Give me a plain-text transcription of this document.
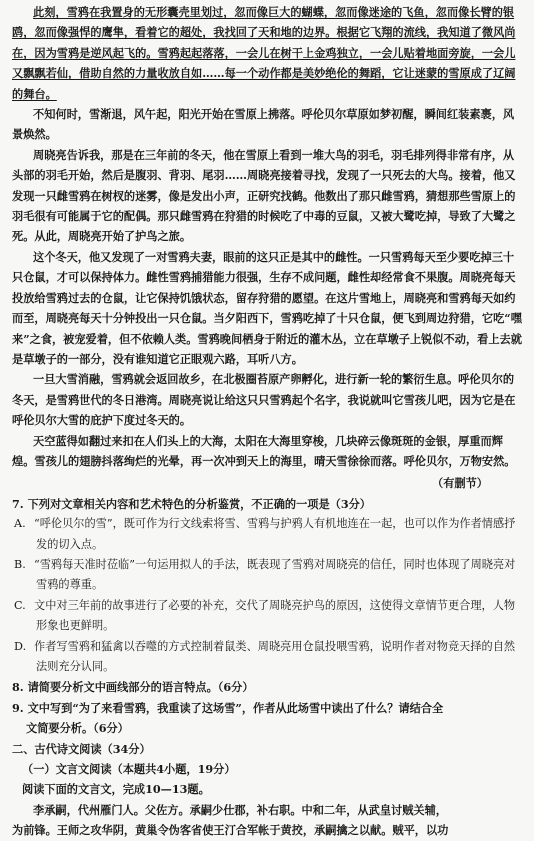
此刻，雪鸦在我置身的无形囊壳里划过，忽而像巨大的蝴蝶，忽而像迷途的飞鱼，忽而像长臂的银鸥，忽而像强悍的鹰隼，看着它的超处，我找回了天和地的边界。根据它飞翔的流线，我知道了微风尚在，因为雪鸦是逆风起飞的。雪鸦起起落落，一会儿在树干上金鸡独立，一会儿贴着地面旁旋，一会儿又飘飘若仙，借助自然的力量收放自如……每一个动作都是美妙绝伦的舞蹈，它让迷蒙的雪原成了辽阔的舞台。

不知何时，雪渐退，风午起，阳光开始在雪原上拂落。呼伦贝尔草原如梦初醒，瞬间红装素裹，风景焕然。

周晓亮告诉我，那是在三年前的冬天，他在雪原上看到一堆大鸟的羽毛，羽毛排列得非常有序，从头部的羽毛开始，然后是腹羽、背羽、尾羽……周晓亮接着寻找，发现了一只死去的大鸟。接着，他又发现一只雌雪鸦在树杈的迷雾，像是发出小声，正研究找鹤。他数出了那只雌雪鸦，猜想那些雪原上的羽毛很有可能属于它的配偶。那只雌雪鸦在狩猎的时候吃了中毒的豆鼠，又被大鹭吃掉，导致了大鹭之死。从此，周晓亮开始了护鸟之旅。

这个冬天，他又发现了一对雪鸦夫妻，眼前的这只正是其中的雌性。一只雪鸦每天至少要吃掉三十只仓鼠，才可以保持体力。雌性雪鸦捕猎能力很强，生存不成问题，雌性却经常食不果腹。周晓亮每天投放给雪鸦过去的仓鼠，让它保持饥饿状态，留存狩猎的愿望。在这片雪地上，周晓亮和雪鸦每天如约而至，周晓亮每天十分钟投出一只仓鼠。当夕阳西下，雪鸦吃掉了十只仓鼠，便飞到周边狩猎，它吃“嘿来”之食，被宠爱着，但不依赖人类。雪鸦晚间栖身于附近的灌木丛，立在草墩子上锐似不动，看上去就是草墩子的一部分，没有谁知道它正眼观六路，耳听八方。

一旦大雪消融，雪鸦就会返回故乡，在北极圈苔原产卵孵化，进行新一轮的繁衍生息。呼伦贝尔的冬天，是雪鸦世代的冬日港湾。周晓亮说让给这只只雪鸦起个名字，我说就叫它雪孩儿吧，因为它是在呼伦贝尔大雪的庇护下度过冬天的。

天空蓝得如翻过来扣在人们头上的大海，太阳在大海里穿梭，几块碎云像斑斑的金银，厚重而辉煌。雪孩儿的翅膀抖落绚烂的光晕，再一次冲到天上的海里，晴天雪徐徐而落。呼伦贝尔，万物安然。

（有删节）

7. 下列对文章相关内容和艺术特色的分析鉴赏，不正确的一项是（3分）

A. “呼伦贝尔的雪”，既可作为行文线索将雪、雪鸦与护鸦人有机地连在一起，也可以作为作者情感抒发的切入点。

B. “雪鸦每天准时莅临”一句运用拟人的手法，既表现了雪鸦对周晓亮的信任，同时也体现了周晓亮对雪鸦的尊重。

C. 文中对三年前的故事进行了必要的补充，交代了周晓亮护鸟的原因，这使得文章情节更合理，人物形象也更鲜明。

D. 作者写雪鸦和猛禽以吞噬的方式控制着鼠类、周晓亮用仓鼠投喂雪鸦，说明作者对物竞天择的自然法则充分认同。

8. 请简要分析文中画线部分的语言特点。（6分）

9. 文中写到“为了来看雪鸦，我重读了这场雪”，作者从此场雪中读出了什么？请结合全

文简要分析。（6分）

二、古代诗文阅读（34分）

（一）文言文阅读（本题共4小题，19分）

阅读下面的文言文，完成10—13题。

李承嗣，代州雁门人。父佐方。承嗣少仕郡，补右职。中和二年，从武皇讨贼关辅，

为前锋。王师之攻华阴，黄巢令伪客省使王汀合军帐于黄挍，承嗣擒之以献。贼平，以功
